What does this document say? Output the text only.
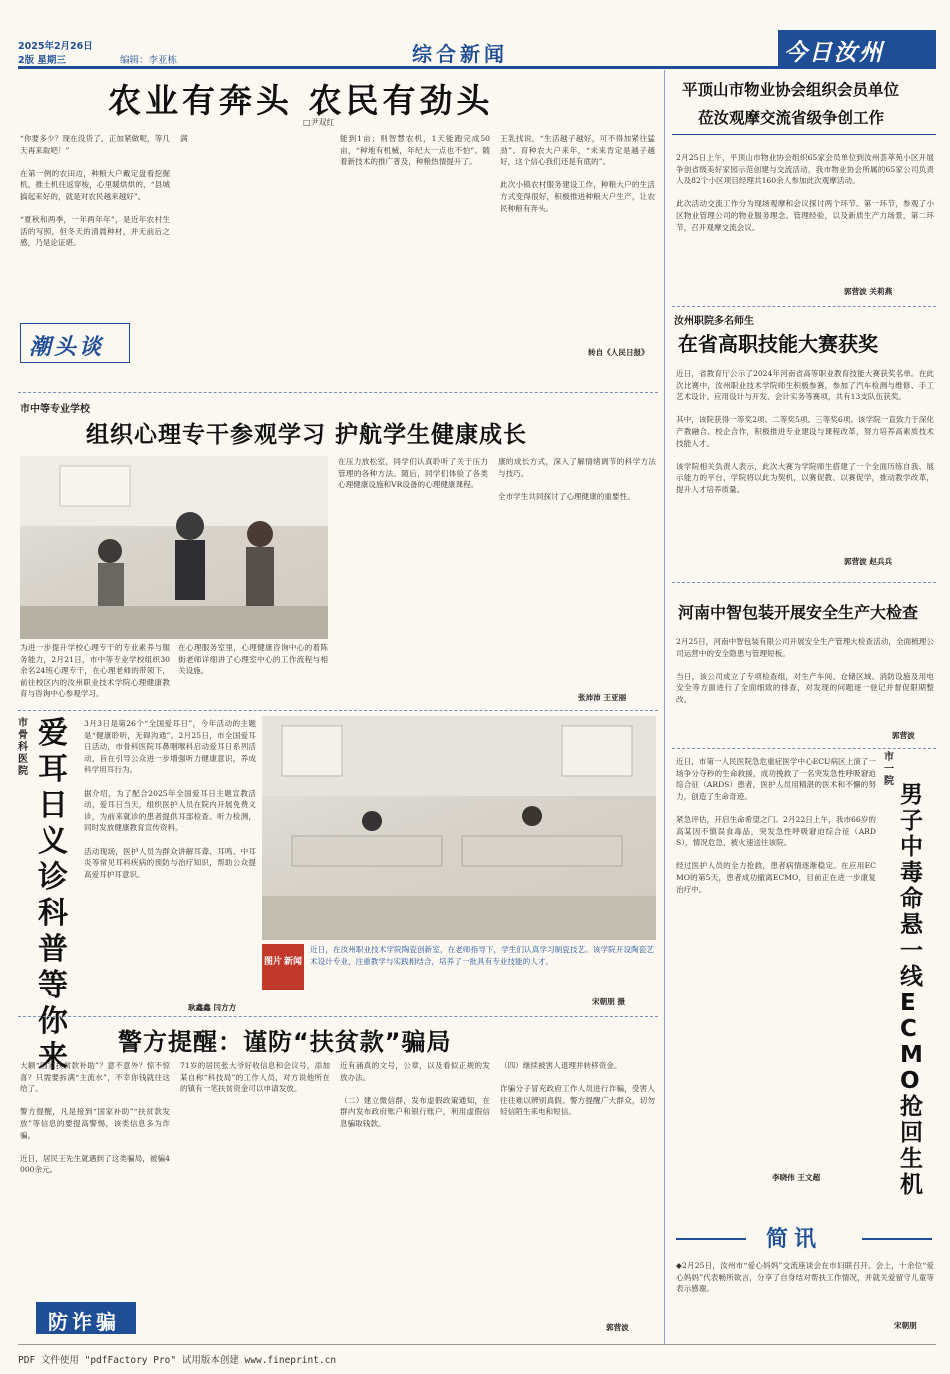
2025年2月26日
2版 星期三	编辑：李亚栋	综合新闻	今日汝州
农业有奔头 农民有劲头
□尹双红
“你要多少？现在没货了，正加紧做呢，等几天再来取吧！”

在第一例的农田边，种粮大户戴定盘看挖掘机，推土机往返穿梭，心里暖烘烘的，“县城搞起来好的，就是对农民越来越好”。

“夏秋和两季，一年两年年”，是近年农村生活的写照，但冬天的清晨种材，并无前后之感，乃是论证堪。
潮头谈
满	能到1亩；则智慧农机，1天能跑完成50亩，“种地有机械，年纪大一点也不怕”。随着新技术的推广普及，种粮热情提升了。
王乳找说，“生活越子越好，可不得加紧往猛劲”。育种农大户来年，“未来肯定是越子越好，这个信心我们还是有底的”。

此次小镇农村服务建设工作，种粮大户的生活方式变得很好，积极推进种粮大户生产，让农民种粮有奔头。
转自《人民日报》
市中等专业学校
组织心理专干参观学习 护航学生健康成长
为进一步提升学校心理专干的专业素养与服务能力，2月21日，市中等专业学校组织30余名24班心理专干，在心理老师的带领下，前往校区内的汝州职业技术学院心理健康教育与咨询中心参观学习。
在心理服务室里，心理健康咨询中心的着陈街老师详细讲了心理室中心的工作流程与相关设施。
在压力放松室，同学们认真聆听了关于压力管理的各种方法。随后，同学们体验了各类心理健康设施和VR设备的心理健康课程。
康的成长方式，深入了解情绪调节的科学方法与技巧。

全市学生共同探讨了心理健康的重要性。
张沛沛 王亚丽
市骨科医院
爱耳日义诊科普等你来
3月3日是第26个“全国爱耳日”，今年活动的主题是“健康聆听，无碍沟通”。2月25日，市全国爱耳日活动，市骨科医院耳鼻咽喉科启动爱耳日系列活动，旨在引导公众进一步增强听力健康意识，养成科学用耳行为。

据介绍，为了配合2025年全国爱耳日主题宣教活动，爱耳日当天，组织医护人员在院内开展免费义诊，为前来就诊的患者提供耳部检查、听力检测，同时发放健康教育宣传资料。

活动现场，医护人员为群众讲解耳聋、耳鸣、中耳炎等常见耳科疾病的预防与治疗知识，帮助公众提高爱耳护耳意识。
耿鑫鑫 闫方方
图片 新闻
近日，在汝州职业技术学院陶瓷创新室，在老师指导下，学生们认真学习制瓷技艺。该学院开设陶瓷艺术设计专业，注重教学与实践相结合，培养了一批具有专业技能的人才。
宋朝朋 摄
警方提醒：谨防“扶贫款”骗局
大额“国家扶贫款补助”？意不意外？惊不惊喜？只需要拆满“主流水”，不幸你钱就往这给了。

警方提醒，凡是接到“国家补助”“扶贫款发放”等信息的要提高警惕，该类信息多为诈骗。

近日，居民王先生就遇到了这类骗局，被骗4000余元。
防诈骗
71岁的居民张大爷好收信息和会议号，添加某自称“科技局”的工作人员，对方说他所在的镇有一笔扶贫资金可以申请发放。
近有涌真的文号，公章，以及看似正规的发放办法。

（二）建立微信群，发布虚假政策通知，在群内发布政府账户和银行账户，利用虚假信息骗取钱款。
（四）继续被害人退理并转移资金。

诈骗分子冒充政府工作人员进行诈骗，受害人往往难以辨别真假。警方提醒广大群众，切勿轻信陌生来电和短信。
郭营波
平顶山市物业协会组织会员单位
莅汝观摩交流省级争创工作
2月25日上午，平顶山市物业协会组织65家会员单位到汝州荟萃苑小区开展争创省级美好家园示范创建与交流活动，我市物业协会所属的65家公司负责人及82个小区项目经理共160余人参加此次观摩活动。

此次活动交流工作分为现场观摩和会议探讨两个环节。第一环节，参观了小区物业管理公司的物业服务理念、管理经验，以及新质生产力场景，第二环节，召开观摩交流会议。
郭营波 关莉燕
汝州职院多名师生
在省高职技能大赛获奖
近日，省教育厅公示了2024年河南省高等职业教育技能大赛获奖名单。在此次比赛中，汝州职业技术学院师生积极参赛，参加了汽车检测与维修、手工艺术设计、应用设计与开发、会计实务等赛项，共有13支队伍获奖。

其中，该院获得一等奖2项、二等奖5项、三等奖6项。该学院一直致力于深化产教融合、校企合作，积极推进专业建设与课程改革，努力培养高素质技术技能人才。

该学院相关负责人表示，此次大赛为学院师生搭建了一个全面历练自我、展示能力的平台，学院将以此为契机，以赛促教、以赛促学，推动教学改革，提升人才培养质量。
郭营波 赵兵兵
河南中智包装开展安全生产大检查
2月25日，河南中智包装有限公司开展安全生产管理大检查活动，全面梳理公司运营中的安全隐患与管理短板。

当日，该公司成立了专项检查组，对生产车间、仓储区域、消防设施及用电安全等方面进行了全面细致的排查，对发现的问题逐一登记并督促限期整改。
郭营波
近日，市第一人民医院急危重症医学中心ECU病区上演了一场争分夺秒的生命救援，成功挽救了一名突发急性呼吸窘迫综合征（ARDS）患者，医护人员用精湛的医术和不懈的努力，创造了生命奇迹。

紧急评估，开启生命希望之门。2月22日上午，我市66岁的高某因不慎误食毒品，突发急性呼吸窘迫综合征（ARDS），情况危急，被火速送往该院。

经过医护人员的全力抢救，患者病情逐渐稳定。在应用ECMO的第5天，患者成功撤离ECMO，目前正在进一步康复治疗中。
市一院
男子中毒命悬一线 ECMO抢回生机
李晓伟 王文超
简讯
◆2月25日，汝州市“爱心妈妈”交流座谈会在市妇联召开。会上，十余位“爱心妈妈”代表畅所欲言，分享了自身结对帮扶工作情况，并就关爱留守儿童等表示感谢。
宋朝朋
PDF 文件使用 "pdfFactory Pro" 试用版本创建 www.fineprint.cn
